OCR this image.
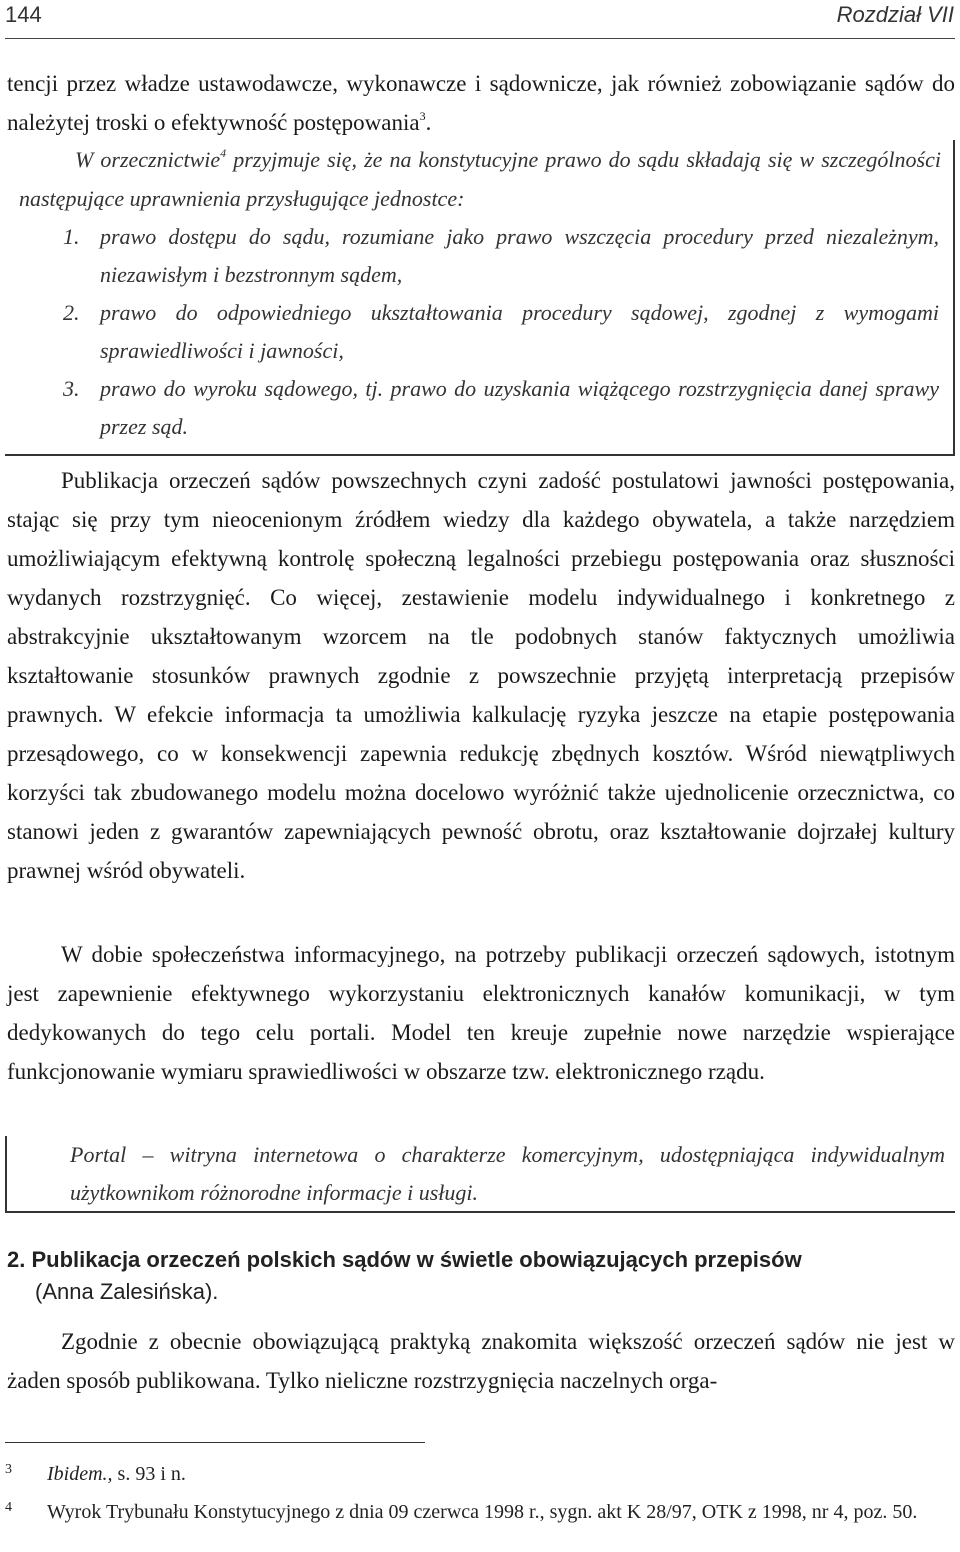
144	Rozdział VII

tencji przez władze ustawodawcze, wykonawcze i sądownicze, jak również zobowiązanie sądów do należytej troski o efektywność postępowania$^3$.

W orzecznictwie$^4$ przyjmuje się, że na konstytucyjne prawo do sądu składają się w szczególności następujące uprawnienia przysługujące jednostce:

1. prawo dostępu do sądu, rozumiane jako prawo wszczęcia procedury przed niezależnym, niezawisłym i bezstronnym sądem,
2. prawo do odpowiedniego ukształtowania procedury sądowej, zgodnej z wymogami sprawiedliwości i jawności,
3. prawo do wyroku sądowego, tj. prawo do uzyskania wiążącego rozstrzygnięcia danej sprawy przez sąd.

Publikacja orzeczeń sądów powszechnych czyni zadość postulatowi jawności postępowania, stając się przy tym nieocenionym źródłem wiedzy dla każdego obywatela, a także narzędziem umożliwiającym efektywną kontrolę społeczną legalności przebiegu postępowania oraz słuszności wydanych rozstrzygnięć. Co więcej, zestawienie modelu indywidualnego i konkretnego z abstrakcyjnie ukształtowanym wzorcem na tle podobnych stanów faktycznych umożliwia kształtowanie stosunków prawnych zgodnie z powszechnie przyjętą interpretacją przepisów prawnych. W efekcie informacja ta umożliwia kalkulację ryzyka jeszcze na etapie postępowania przesądowego, co w konsekwencji zapewnia redukcję zbędnych kosztów. Wśród niewątpliwych korzyści tak zbudowanego modelu można docelowo wyróżnić także ujednolicenie orzecznictwa, co stanowi jeden z gwarantów zapewniających pewność obrotu, oraz kształtowanie dojrzałej kultury prawnej wśród obywateli.

W dobie społeczeństwa informacyjnego, na potrzeby publikacji orzeczeń sądowych, istotnym jest zapewnienie efektywnego wykorzystaniu elektronicznych kanałów komunikacji, w tym dedykowanych do tego celu portali. Model ten kreuje zupełnie nowe narzędzie wspierające funkcjonowanie wymiaru sprawiedliwości w obszarze tzw. elektronicznego rządu.

Portal – witryna internetowa o charakterze komercyjnym, udostępniająca indywidualnym użytkownikom różnorodne informacje i usługi.

2. Publikacja orzeczeń polskich sądów w świetle obowiązujących przepisów
(Anna Zalesińska).

Zgodnie z obecnie obowiązującą praktyką znakomita większość orzeczeń sądów nie jest w żaden sposób publikowana. Tylko nieliczne rozstrzygnięcia naczelnych orga-

3 Ibidem., s. 93 i n.
4 Wyrok Trybunału Konstytucyjnego z dnia 09 czerwca 1998 r., sygn. akt K 28/97, OTK z 1998, nr 4, poz. 50.
